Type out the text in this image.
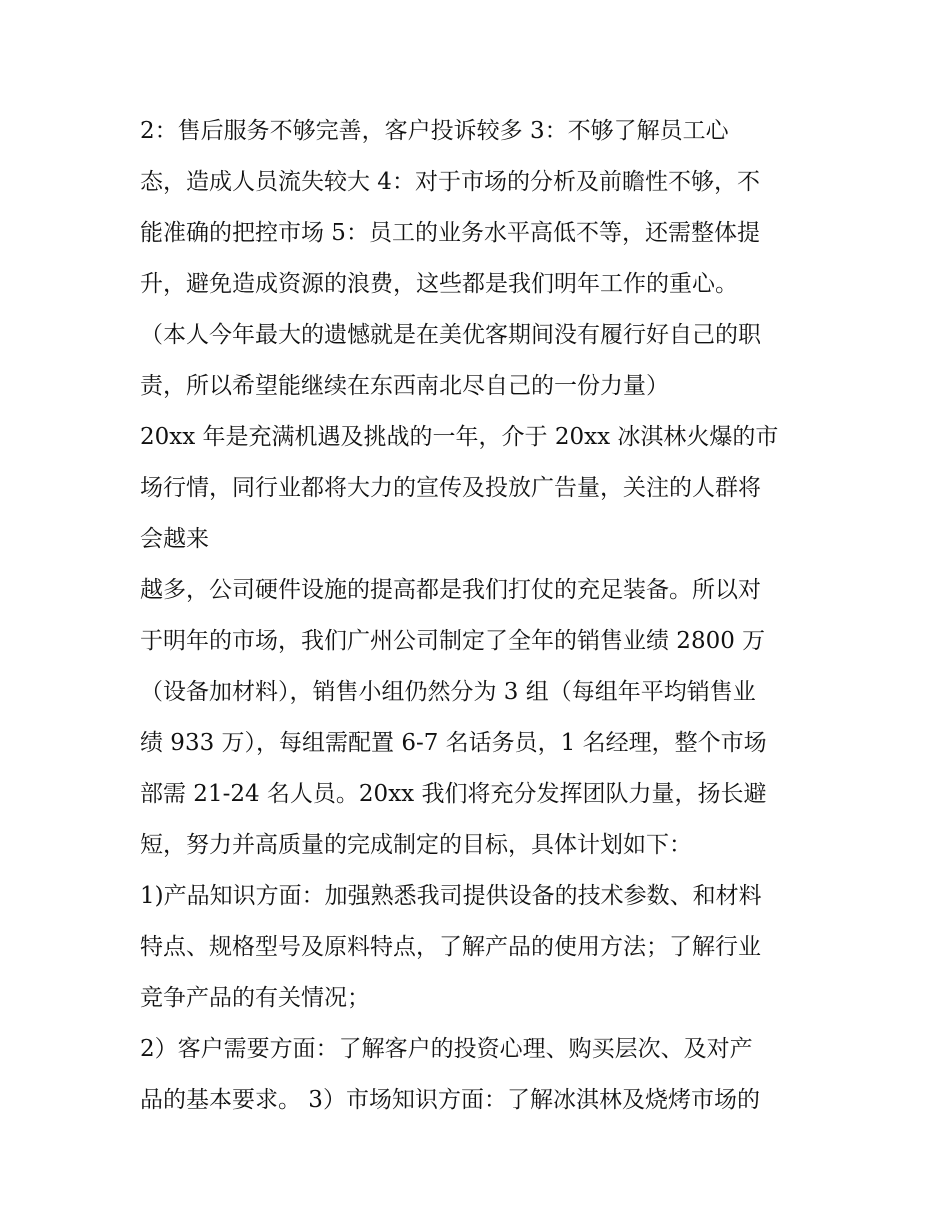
2：售后服务不够完善，客户投诉较多 3：不够了解员工心
态，造成人员流失较大 4：对于市场的分析及前瞻性不够，不
能准确的把控市场 5：员工的业务水平高低不等，还需整体提
升，避免造成资源的浪费，这些都是我们明年工作的重心。
（本人今年最大的遗憾就是在美优客期间没有履行好自己的职
责，所以希望能继续在东西南北尽自己的一份力量）
20xx 年是充满机遇及挑战的一年，介于 20xx 冰淇林火爆的市
场行情，同行业都将大力的宣传及投放广告量，关注的人群将
会越来
越多，公司硬件设施的提高都是我们打仗的充足装备。所以对
于明年的市场，我们广州公司制定了全年的销售业绩 2800 万
（设备加材料），销售小组仍然分为 3 组（每组年平均销售业
绩 933 万），每组需配置 6-7 名话务员，1 名经理，整个市场
部需 21-24 名人员。20xx 我们将充分发挥团队力量，扬长避
短，努力并高质量的完成制定的目标，具体计划如下：
1)产品知识方面：加强熟悉我司提供设备的技术参数、和材料
特点、规格型号及原料特点，了解产品的使用方法；了解行业
竞争产品的有关情况；
2）客户需要方面：了解客户的投资心理、购买层次、及对产
品的基本要求。 3）市场知识方面：了解冰淇林及烧烤市场的
